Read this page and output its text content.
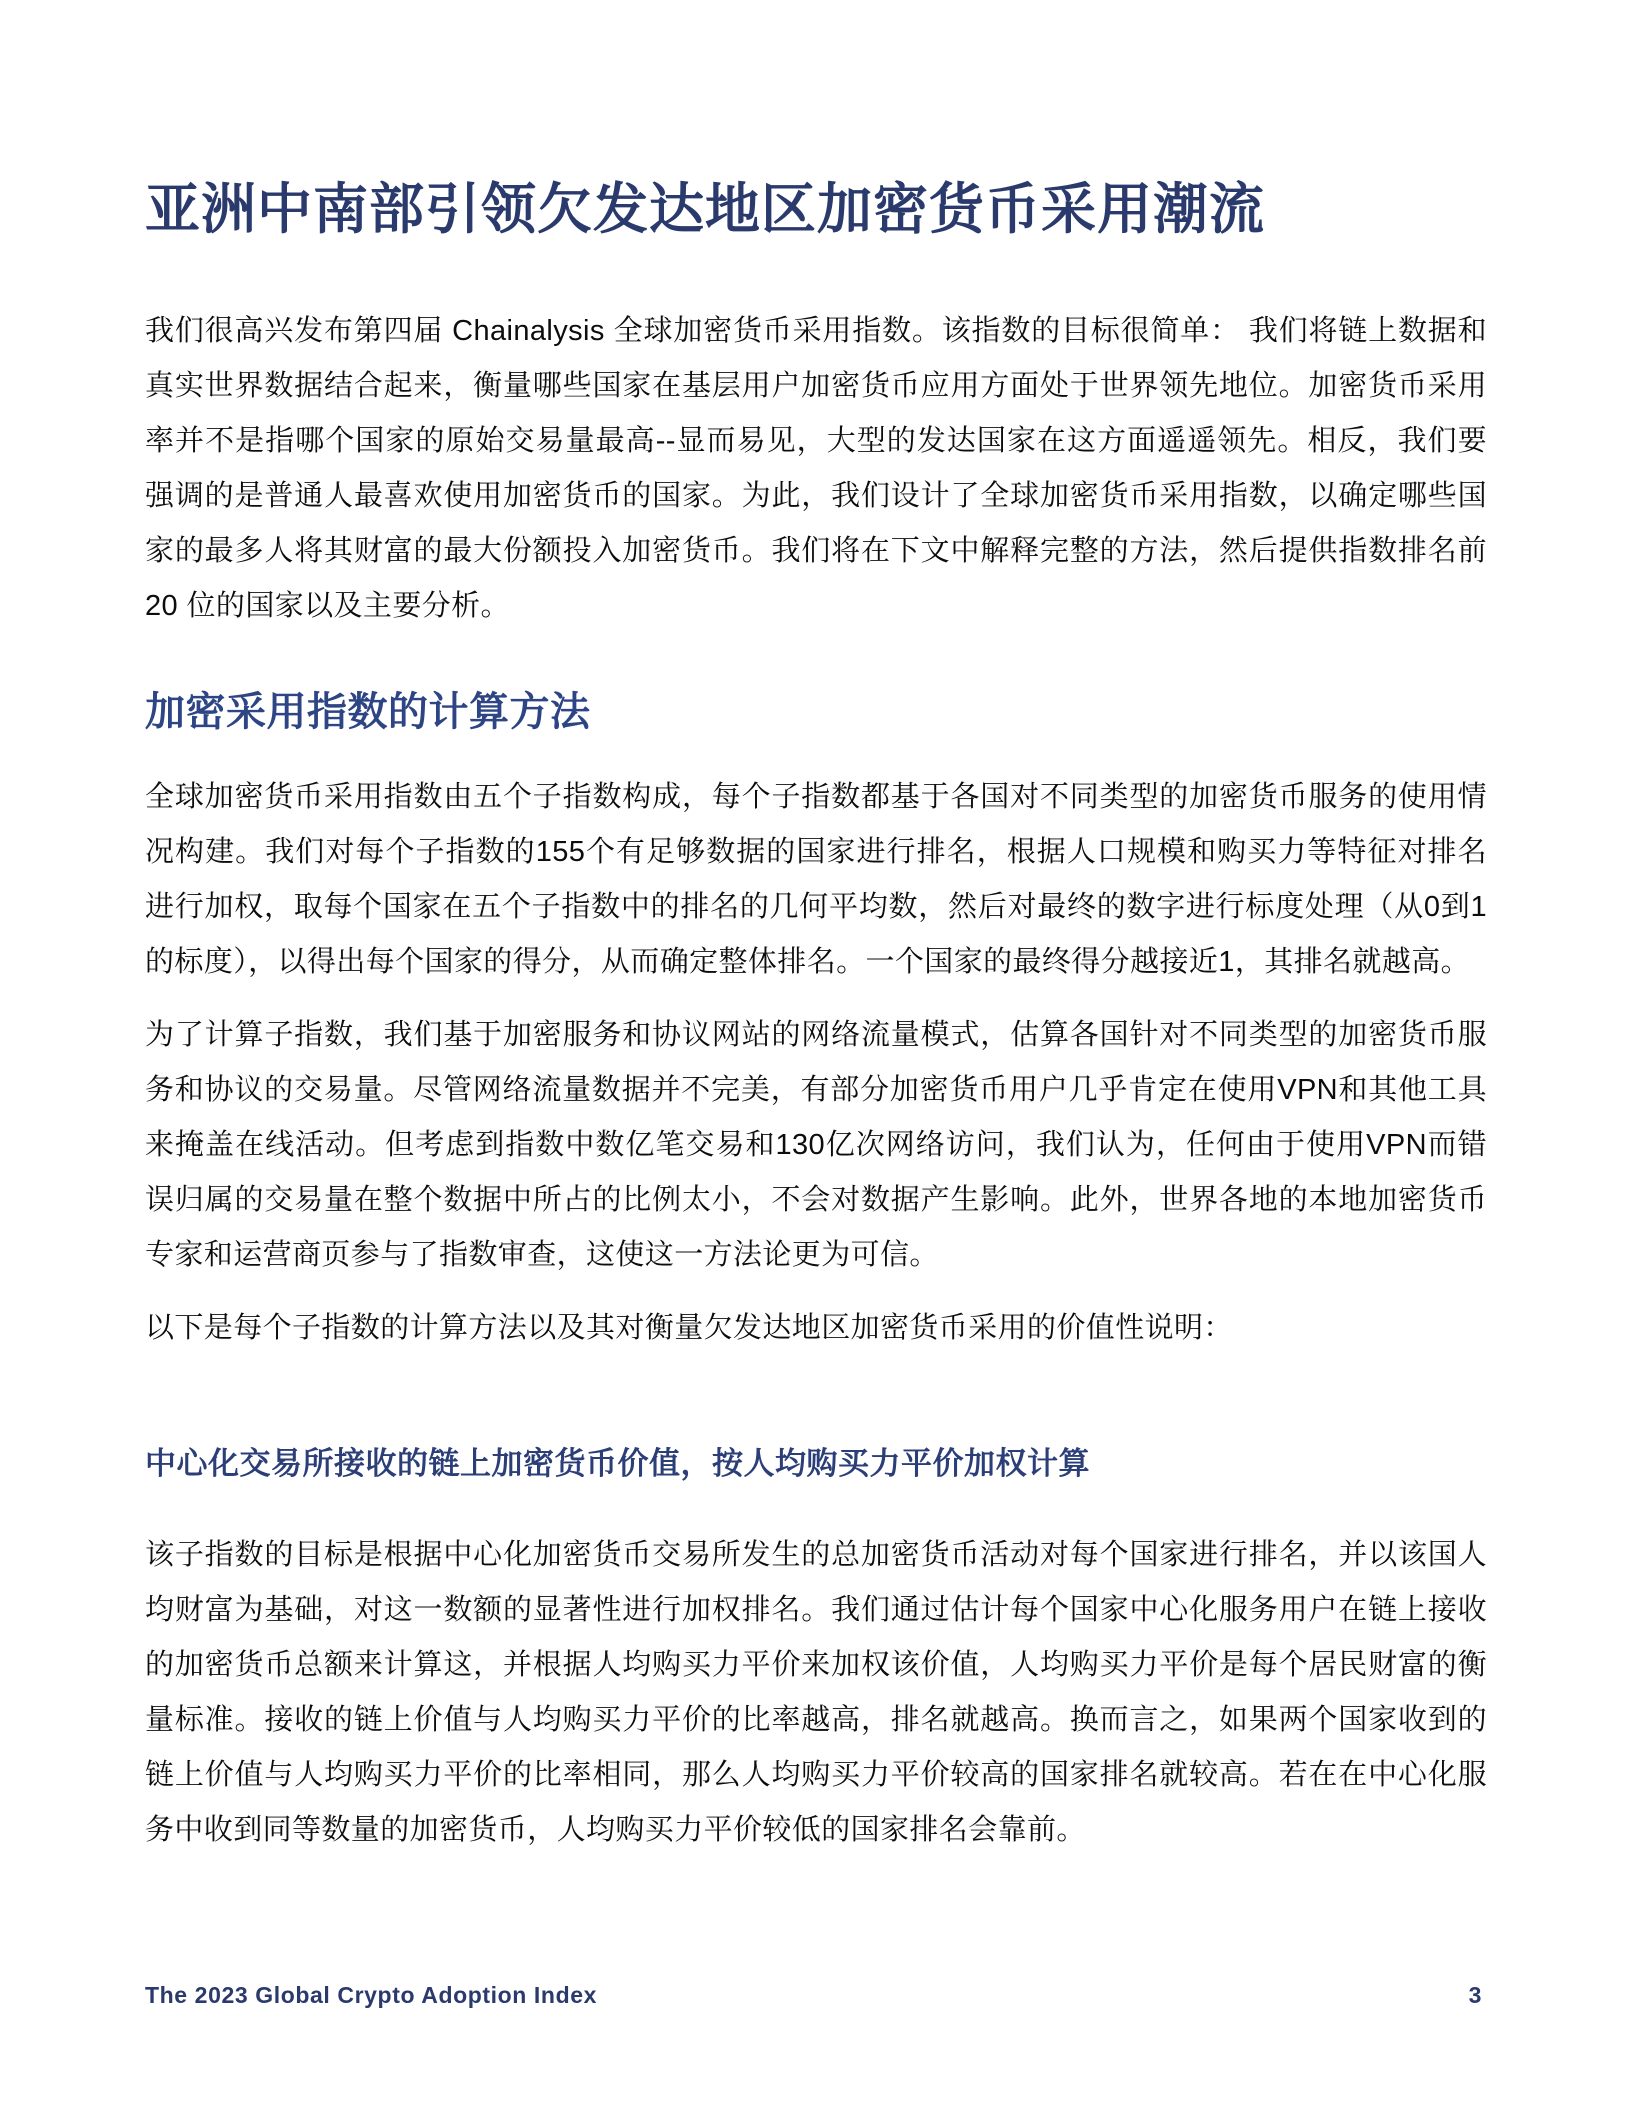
亚洲中南部引领欠发达地区加密货币采用潮流

我们很高兴发布第四届 Chainalysis 全球加密货币采用指数。该指数的目标很简单： 我们将链上数据和真实世界数据结合起来，衡量哪些国家在基层用户加密货币应用方面处于世界领先地位。加密货币采用率并不是指哪个国家的原始交易量最高--显而易见，大型的发达国家在这方面遥遥领先。相反，我们要强调的是普通人最喜欢使用加密货币的国家。为此，我们设计了全球加密货币采用指数，以确定哪些国家的最多人将其财富的最大份额投入加密货币。我们将在下文中解释完整的方法，然后提供指数排名前 20 位的国家以及主要分析。

加密采用指数的计算方法

全球加密货币采用指数由五个子指数构成，每个子指数都基于各国对不同类型的加密货币服务的使用情况构建。我们对每个子指数的155个有足够数据的国家进行排名，根据人口规模和购买力等特征对排名进行加权，取每个国家在五个子指数中的排名的几何平均数，然后对最终的数字进行标度处理（从0到1的标度），以得出每个国家的得分，从而确定整体排名。一个国家的最终得分越接近1，其排名就越高。

为了计算子指数，我们基于加密服务和协议网站的网络流量模式，估算各国针对不同类型的加密货币服务和协议的交易量。尽管网络流量数据并不完美，有部分加密货币用户几乎肯定在使用VPN和其他工具来掩盖在线活动。但考虑到指数中数亿笔交易和130亿次网络访问，我们认为，任何由于使用VPN而错误归属的交易量在整个数据中所占的比例太小，不会对数据产生影响。此外，世界各地的本地加密货币专家和运营商页参与了指数审查，这使这一方法论更为可信。

以下是每个子指数的计算方法以及其对衡量欠发达地区加密货币采用的价值性说明：

中心化交易所接收的链上加密货币价值，按人均购买力平价加权计算

该子指数的目标是根据中心化加密货币交易所发生的总加密货币活动对每个国家进行排名，并以该国人均财富为基础，对这一数额的显著性进行加权排名。我们通过估计每个国家中心化服务用户在链上接收的加密货币总额来计算这，并根据人均购买力平价来加权该价值，人均购买力平价是每个居民财富的衡量标准。接收的链上价值与人均购买力平价的比率越高，排名就越高。换而言之，如果两个国家收到的链上价值与人均购买力平价的比率相同，那么人均购买力平价较高的国家排名就较高。若在在中心化服务中收到同等数量的加密货币，人均购买力平价较低的国家排名会靠前。

The 2023 Global Crypto Adoption Index	3
